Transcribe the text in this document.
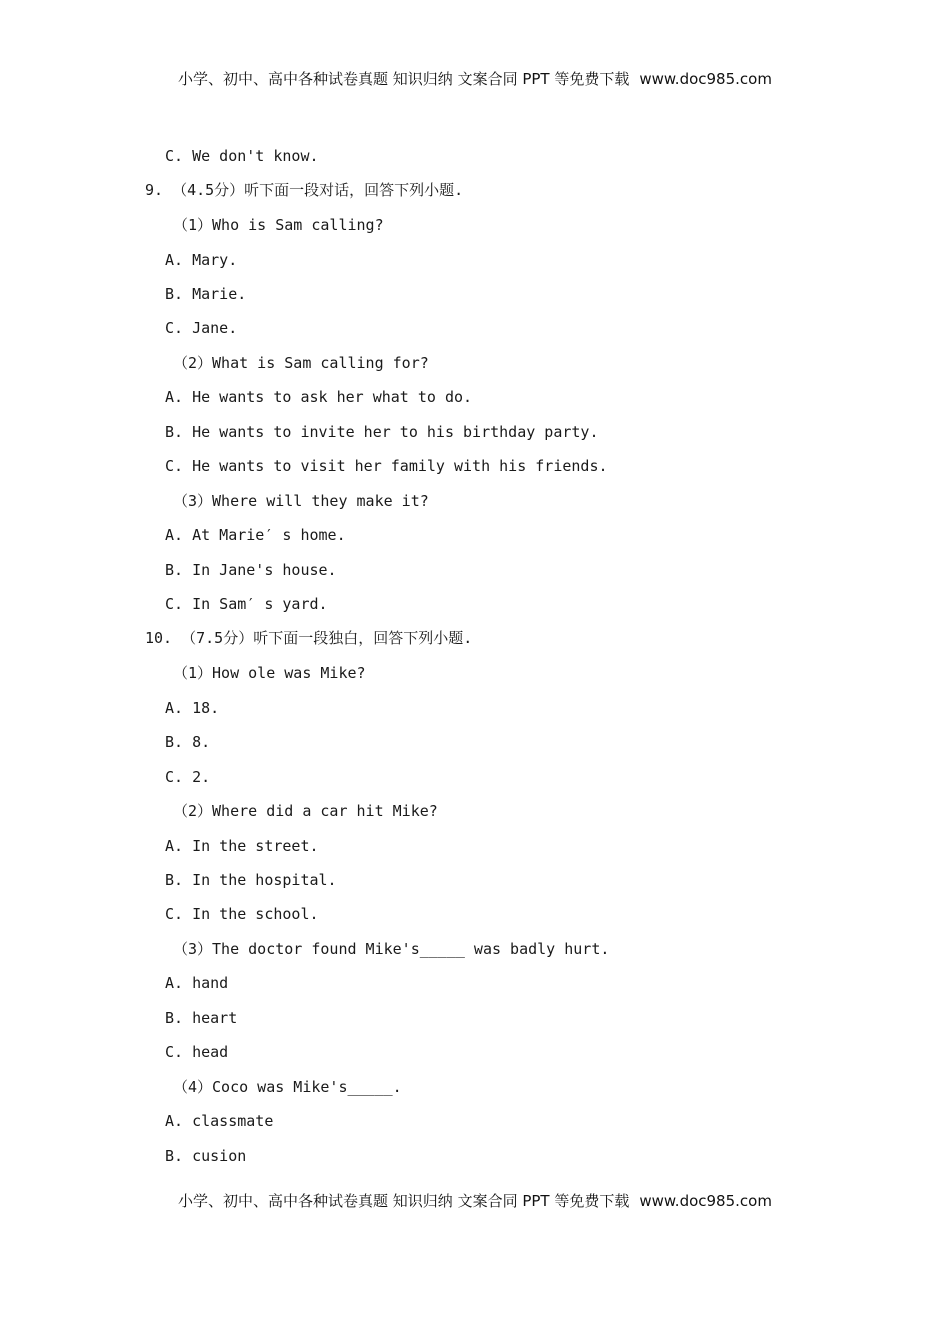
小学、初中、高中各种试卷真题 知识归纳 文案合同 PPT 等免费下载 www.doc985.com
C. We don't know.
9. （4.5分）听下面一段对话，回答下列小题.
（1）Who is Sam calling?
A. Mary.
B. Marie.
C. Jane.
（2）What is Sam calling for?
A. He wants to ask her what to do.
B. He wants to invite her to his birthday party.
C. He wants to visit her family with his friends.
（3）Where will they make it?
A. At Marie′ s home.
B. In Jane's house.
C. In Sam′ s yard.
10. （7.5分）听下面一段独白，回答下列小题.
（1）How ole was Mike?
A. 18.
B. 8.
C. 2.
（2）Where did a car hit Mike?
A. In the street.
B. In the hospital.
C. In the school.
（3）The doctor found Mike's_____ was badly hurt.
A. hand
B. heart
C. head
（4）Coco was Mike's_____.
A. classmate
B. cusion
小学、初中、高中各种试卷真题 知识归纳 文案合同 PPT 等免费下载 www.doc985.com
